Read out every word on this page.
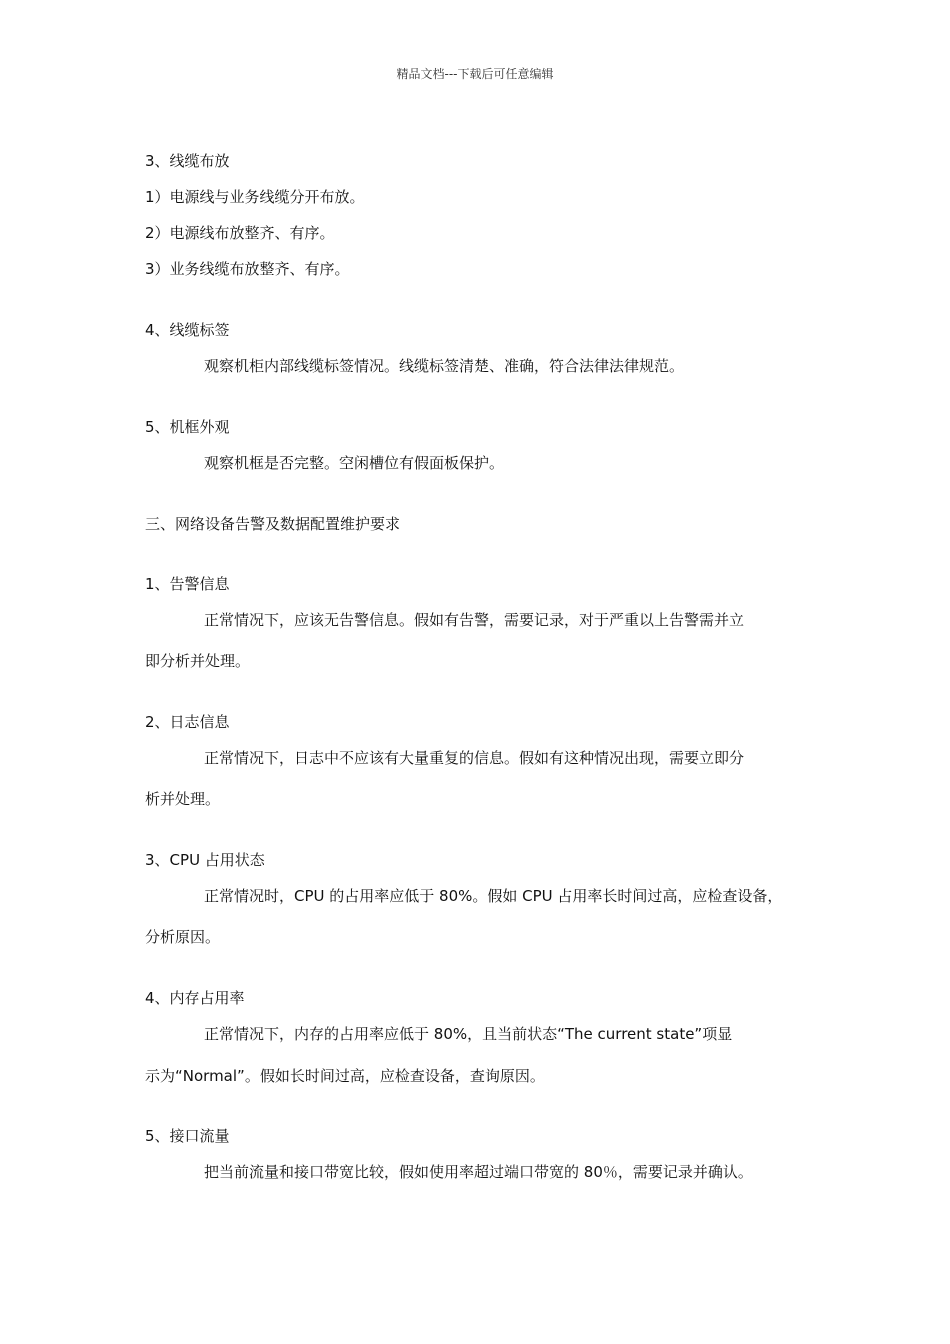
精品文档---下载后可任意编辑
3、线缆布放
1）电源线与业务线缆分开布放。
2）电源线布放整齐、有序。
3）业务线缆布放整齐、有序。
4、线缆标签
观察机柜内部线缆标签情况。线缆标签清楚、准确，符合法律法律规范。
5、机框外观
观察机框是否完整。空闲槽位有假面板保护。
三、网络设备告警及数据配置维护要求
1、告警信息
正常情况下，应该无告警信息。假如有告警，需要记录，对于严重以上告警需并立
即分析并处理。
2、日志信息
正常情况下，日志中不应该有大量重复的信息。假如有这种情况出现，需要立即分
析并处理。
3、CPU 占用状态
正常情况时，CPU 的占用率应低于 80%。假如 CPU 占用率长时间过高，应检查设备，
分析原因。
4、内存占用率
正常情况下，内存的占用率应低于 80%，且当前状态“The current state”项显
示为“Normal”。假如长时间过高，应检查设备，查询原因。
5、接口流量
把当前流量和接口带宽比较，假如使用率超过端口带宽的 80％，需要记录并确认。
